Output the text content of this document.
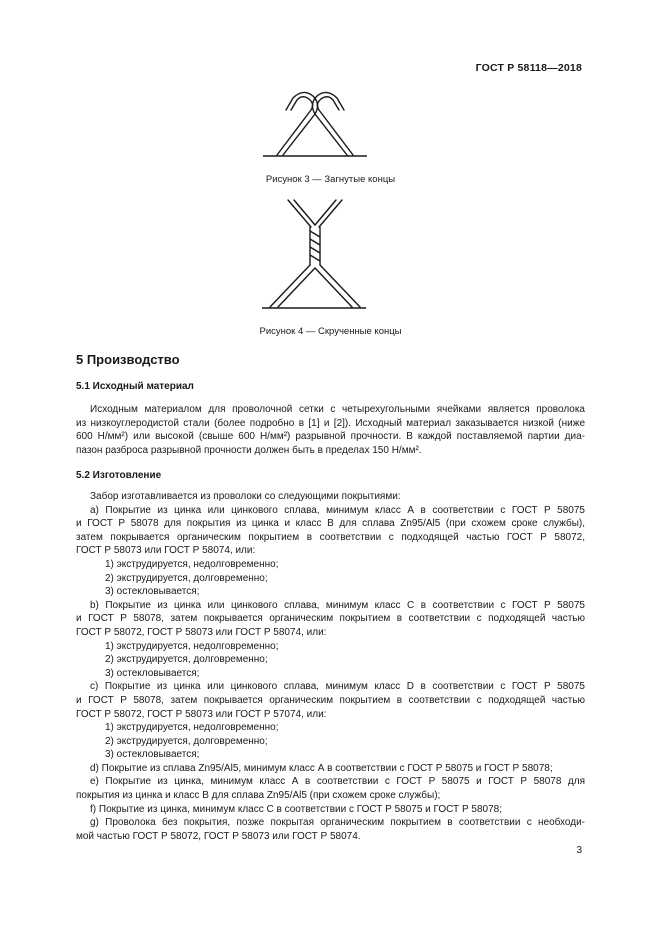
ГОСТ Р 58118—2018
Рисунок 3 — Загнутые концы
Рисунок 4 — Скрученные концы
5 Производство
5.1 Исходный материал
Исходным материалом для проволочной сетки с четырехугольными ячейками является проволока
из низкоуглеродистой стали (более подробно в [1] и [2]). Исходный материал заказывается низкой (ниже
600 Н/мм²) или высокой (свыше 600 Н/мм²) разрывной прочности. В каждой поставляемой партии диа-
пазон разброса разрывной прочности должен быть в пределах 150 Н/мм².
5.2 Изготовление
Забор изготавливается из проволоки со следующими покрытиями:
a) Покрытие из цинка или цинкового сплава, минимум класс А в соответствии с ГОСТ Р 58075
и ГОСТ Р 58078 для покрытия из цинка и класс В для сплава Zn95/Al5 (при схожем сроке службы),
затем покрывается органическим покрытием в соответствии с подходящей частью ГОСТ Р 58072,
ГОСТ Р 58073 или ГОСТ Р 58074, или:
1) экструдируется, недолговременно;
2) экструдируется, долговременно;
3) остекловывается;
b) Покрытие из цинка или цинкового сплава, минимум класс С в соответствии с ГОСТ Р 58075
и ГОСТ Р 58078, затем покрывается органическим покрытием в соответствии с подходящей частью
ГОСТ Р 58072, ГОСТ Р 58073 или ГОСТ Р 58074, или:
1) экструдируется, недолговременно;
2) экструдируется, долговременно;
3) остекловывается;
c) Покрытие из цинка или цинкового сплава, минимум класс D в соответствии с ГОСТ Р 58075
и ГОСТ Р 58078, затем покрывается органическим покрытием в соответствии с подходящей частью
ГОСТ Р 58072, ГОСТ Р 58073 или ГОСТ Р 57074, или:
1) экструдируется, недолговременно;
2) экструдируется, долговременно;
3) остекловывается;
d) Покрытие из сплава Zn95/Al5, минимум класс А в соответствии с ГОСТ Р 58075 и ГОСТ Р 58078;
e) Покрытие из цинка, минимум класс А в соответствии с ГОСТ Р 58075 и ГОСТ Р 58078 для
покрытия из цинка и класс В для сплава Zn95/Al5 (при схожем сроке службы);
f) Покрытие из цинка, минимум класс С в соответствии с ГОСТ Р 58075 и ГОСТ Р 58078;
g) Проволока без покрытия, позже покрытая органическим покрытием в соответствии с необходи-
мой частью ГОСТ Р 58072, ГОСТ Р 58073 или ГОСТ Р 58074.
3
